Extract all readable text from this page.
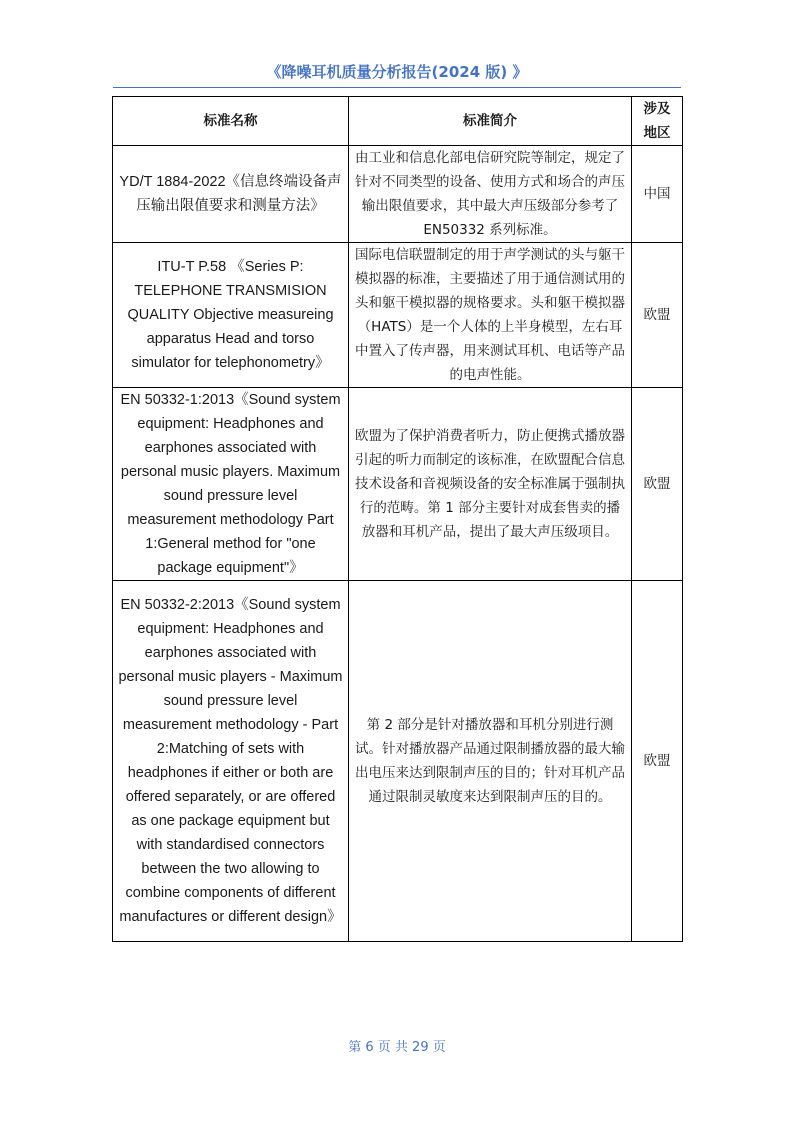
《降噪耳机质量分析报告(2024 版) 》
标准名称	标准简介	涉及地区
YD/T 1884-2022《信息终端设备声压输出限值要求和测量方法》	由工业和信息化部电信研究院等制定，规定了针对不同类型的设备、使用方式和场合的声压输出限值要求，其中最大声压级部分参考了 EN50332 系列标准。	中国
ITU-T P.58 《Series P: TELEPHONE TRANSMISION QUALITY Objective measureing apparatus Head and torso simulator for telephonometry》	国际电信联盟制定的用于声学测试的头与躯干模拟器的标准，主要描述了用于通信测试用的头和躯干模拟器的规格要求。头和躯干模拟器（HATS）是一个人体的上半身模型，左右耳中置入了传声器，用来测试耳机、电话等产品的电声性能。	欧盟
EN 50332-1:2013《Sound system equipment: Headphones and earphones associated with personal music players. Maximum sound pressure level measurement methodology Part 1:General method for "one package equipment"》	欧盟为了保护消费者听力，防止便携式播放器引起的听力而制定的该标准，在欧盟配合信息技术设备和音视频设备的安全标准属于强制执行的范畴。第 1 部分主要针对成套售卖的播放器和耳机产品，提出了最大声压级项目。	欧盟
EN 50332-2:2013《Sound system equipment: Headphones and earphones associated with personal music players - Maximum sound pressure level measurement methodology - Part 2:Matching of sets with headphones if either or both are offered separately, or are offered as one package equipment but with standardised connectors between the two allowing to combine components of different manufactures or different design》	第 2 部分是针对播放器和耳机分别进行测试。针对播放器产品通过限制播放器的最大输出电压来达到限制声压的目的；针对耳机产品通过限制灵敏度来达到限制声压的目的。	欧盟
第 6 页 共 29 页
